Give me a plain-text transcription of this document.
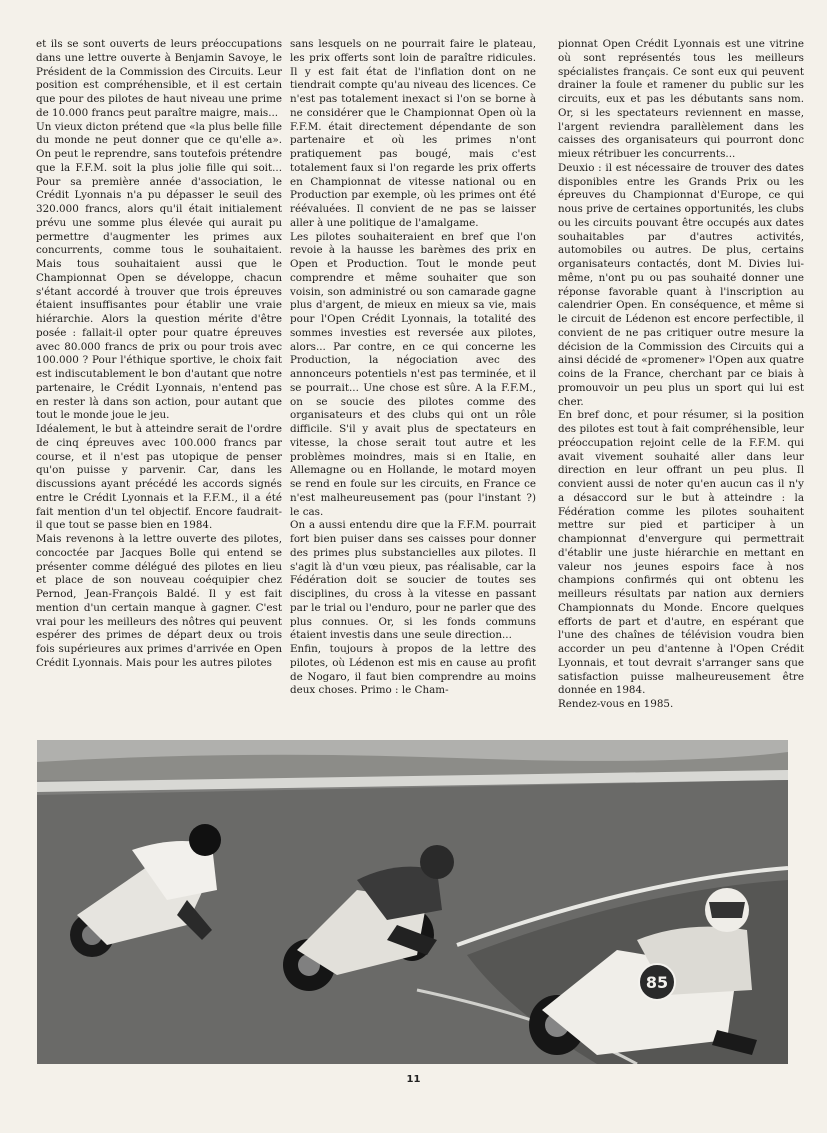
et ils se sont ouverts de leurs préoccupations dans une lettre ouverte à Benjamin Savoye, le Président de la Commission des Circuits. Leur position est compréhensible, et il est certain que pour des pilotes de haut niveau une prime de 10.000 francs peut paraître maigre, mais...

Un vieux dicton prétend que «la plus belle fille du monde ne peut donner que ce qu'elle a». On peut le reprendre, sans toutefois prétendre que la F.F.M. soit la plus jolie fille qui soit... Pour sa première année d'association, le Crédit Lyonnais n'a pu dépasser le seuil des 320.000 francs, alors qu'il était initialement prévu une somme plus élevée qui aurait pu permettre d'augmenter les primes aux concurrents, comme tous le souhaitaient. Mais tous souhaitaient aussi que le Championnat Open se développe, chacun s'étant accordé à trouver que trois épreuves étaient insuffisantes pour établir une vraie hiérarchie. Alors la question mérite d'être posée : fallait-il opter pour quatre épreuves avec 80.000 francs de prix ou pour trois avec 100.000 ? Pour l'éthique sportive, le choix fait est indiscutablement le bon d'autant que notre partenaire, le Crédit Lyonnais, n'entend pas en rester là dans son action, pour autant que tout le monde joue le jeu.

Idéalement, le but à atteindre serait de l'ordre de cinq épreuves avec 100.000 francs par course, et il n'est pas utopique de penser qu'on puisse y parvenir. Car, dans les discussions ayant précédé les accords signés entre le Crédit Lyonnais et la F.F.M., il a été fait mention d'un tel objectif. Encore faudrait-il que tout se passe bien en 1984.

Mais revenons à la lettre ouverte des pilotes, concoctée par Jacques Bolle qui entend se présenter comme délégué des pilotes en lieu et place de son nouveau coéquipier chez Pernod, Jean-François Baldé. Il y est fait mention d'un certain manque à gagner. C'est vrai pour les meilleurs des nôtres qui peuvent espérer des primes de départ deux ou trois fois supérieures aux primes d'arrivée en Open Crédit Lyonnais. Mais pour les autres pilotes

sans lesquels on ne pourrait faire le plateau, les prix offerts sont loin de paraître ridicules. Il y est fait état de l'inflation dont on ne tiendrait compte qu'au niveau des licences. Ce n'est pas totalement inexact si l'on se borne à ne considérer que le Championnat Open où la F.F.M. était directement dépendante de son partenaire et où les primes n'ont pratiquement pas bougé, mais c'est totalement faux si l'on regarde les prix offerts en Championnat de vitesse national ou en Production par exemple, où les primes ont été réévaluées. Il convient de ne pas se laisser aller à une politique de l'amalgame.

Les pilotes souhaiteraient en bref que l'on revoie à la hausse les barèmes des prix en Open et Production. Tout le monde peut comprendre et même souhaiter que son voisin, son administré ou son camarade gagne plus d'argent, de mieux en mieux sa vie, mais pour l'Open Crédit Lyonnais, la totalité des sommes investies est reversée aux pilotes, alors... Par contre, en ce qui concerne les Production, la négociation avec des annonceurs potentiels n'est pas terminée, et il se pourrait... Une chose est sûre. A la F.F.M., on se soucie des pilotes comme des organisateurs et des clubs qui ont un rôle difficile. S'il y avait plus de spectateurs en vitesse, la chose serait tout autre et les problèmes moindres, mais si en Italie, en Allemagne ou en Hollande, le motard moyen se rend en foule sur les circuits, en France ce n'est malheureusement pas (pour l'instant ?) le cas.

On a aussi entendu dire que la F.F.M. pourrait fort bien puiser dans ses caisses pour donner des primes plus substancielles aux pilotes. Il s'agit là d'un vœu pieux, pas réalisable, car la Fédération doit se soucier de toutes ses disciplines, du cross à la vitesse en passant par le trial ou l'enduro, pour ne parler que des plus connues. Or, si les fonds communs étaient investis dans une seule direction...

Enfin, toujours à propos de la lettre des pilotes, où Lédenon est mis en cause au profit de Nogaro, il faut bien comprendre au moins deux choses. Primo : le Cham-

pionnat Open Crédit Lyonnais est une vitrine où sont représentés tous les meilleurs spécialistes français. Ce sont eux qui peuvent drainer la foule et ramener du public sur les circuits, eux et pas les débutants sans nom. Or, si les spectateurs reviennent en masse, l'argent reviendra parallèlement dans les caisses des organisateurs qui pourront donc mieux rétribuer les concurrents...

Deuxio : il est nécessaire de trouver des dates disponibles entre les Grands Prix ou les épreuves du Championnat d'Europe, ce qui nous prive de certaines opportunités, les clubs ou les circuits pouvant être occupés aux dates souhaitables par d'autres activités, automobiles ou autres. De plus, certains organisateurs contactés, dont M. Divies lui-même, n'ont pu ou pas souhaité donner une réponse favorable quant à l'inscription au calendrier Open. En conséquence, et même si le circuit de Lédenon est encore perfectible, il convient de ne pas critiquer outre mesure la décision de la Commission des Circuits qui a ainsi décidé de «promener» l'Open aux quatre coins de la France, cherchant par ce biais à promouvoir un peu plus un sport qui lui est cher.

En bref donc, et pour résumer, si la position des pilotes est tout à fait compréhensible, leur préoccupation rejoint celle de la F.F.M. qui avait vivement souhaité aller dans leur direction en leur offrant un peu plus. Il convient aussi de noter qu'en aucun cas il n'y a désaccord sur le but à atteindre : la Fédération comme les pilotes souhaitent mettre sur pied et participer à un championnat d'envergure qui permettrait d'établir une juste hiérarchie en mettant en valeur nos jeunes espoirs face à nos champions confirmés qui ont obtenu les meilleurs résultats par nation aux derniers Championnats du Monde. Encore quelques efforts de part et d'autre, en espérant que l'une des chaînes de télévision voudra bien accorder un peu d'antenne à l'Open Crédit Lyonnais, et tout devrait s'arranger sans que satisfaction puisse malheureusement être donnée en 1984.

Rendez-vous en 1985.

85
11
